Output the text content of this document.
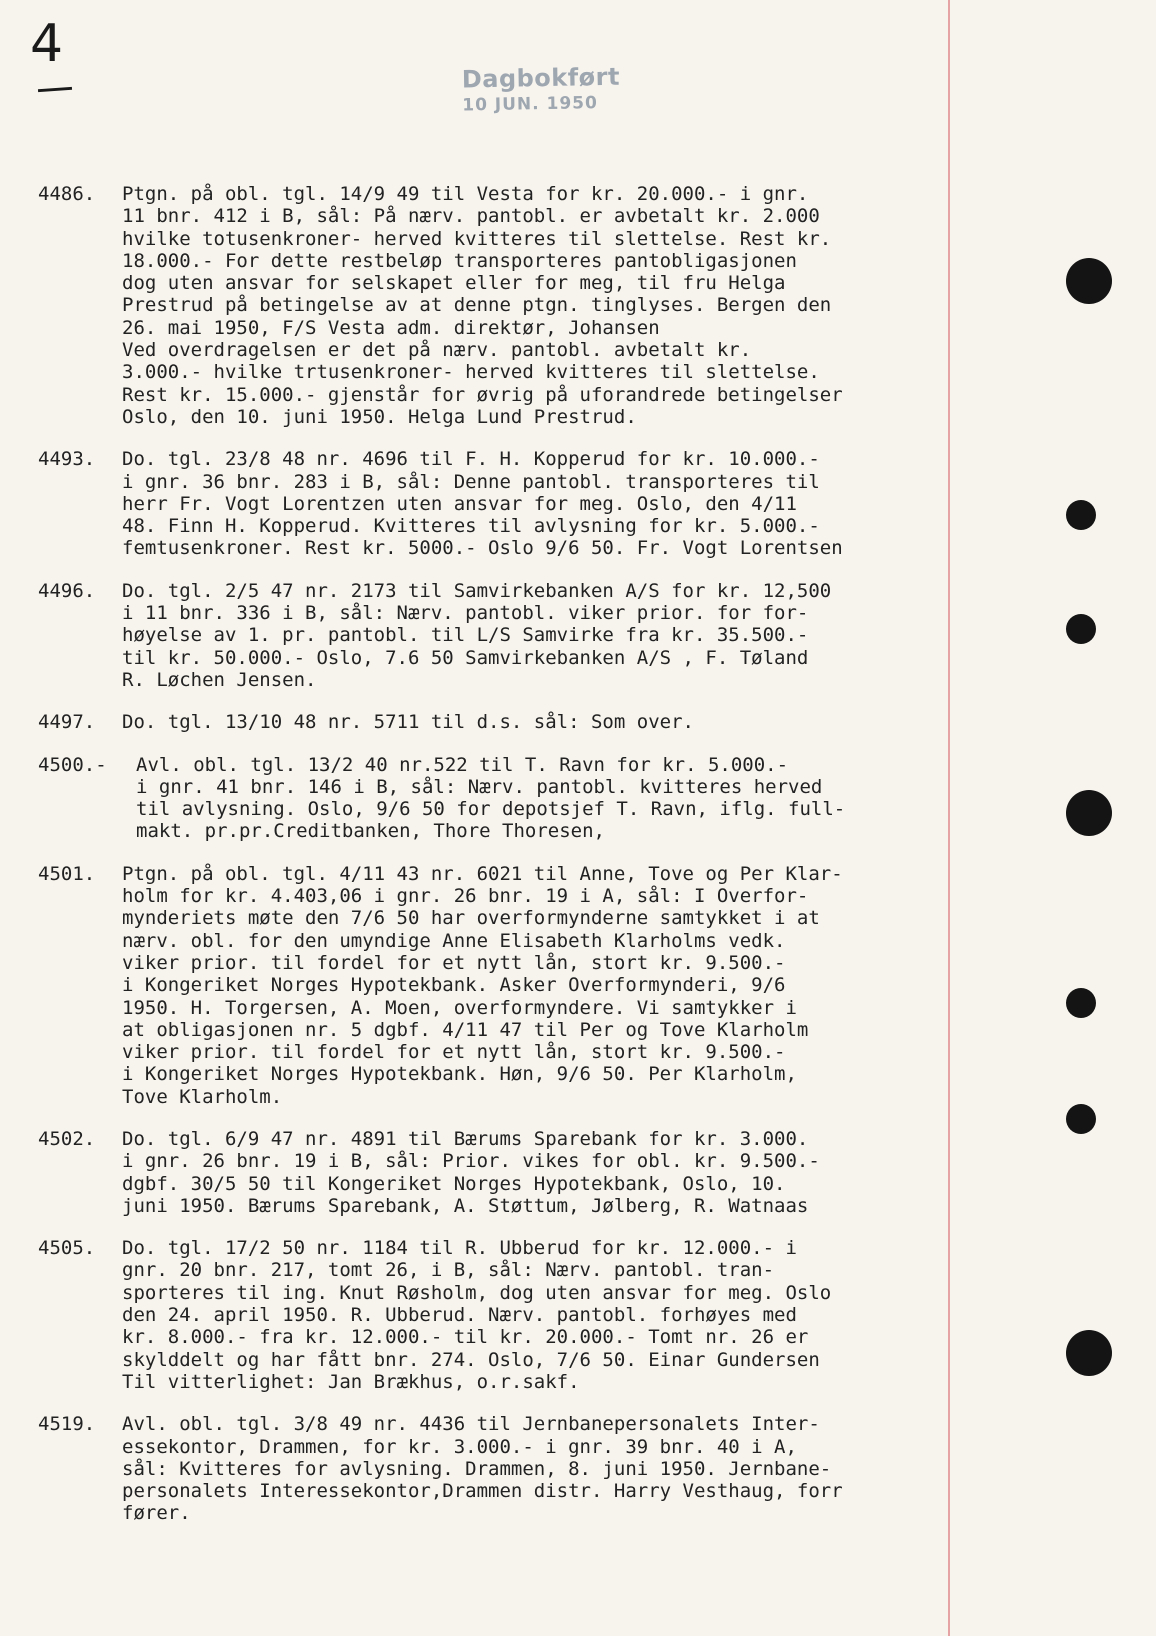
4
Dagbokført
10 JUN. 1950
4486.	Ptgn. på obl. tgl. 14/9 49 til Vesta for kr. 20.000.- i gnr.
11 bnr. 412 i B, sål: På nærv. pantobl. er avbetalt kr. 2.000
hvilke totusenkroner- herved kvitteres til slettelse. Rest kr.
18.000.- For dette restbeløp transporteres pantobligasjonen
dog uten ansvar for selskapet eller for meg, til fru Helga
Prestrud på betingelse av at denne ptgn. tinglyses. Bergen den
26. mai 1950, F/S Vesta adm. direktør, Johansen
Ved overdragelsen er det på nærv. pantobl. avbetalt kr.
3.000.- hvilke trtusenkroner- herved kvitteres til slettelse.
Rest kr. 15.000.- gjenstår for øvrig på uforandrede betingelser
Oslo, den 10. juni 1950. Helga Lund Prestrud.
4493.	Do. tgl. 23/8 48 nr. 4696 til F. H. Kopperud for kr. 10.000.-
i gnr. 36 bnr. 283 i B, sål: Denne pantobl. transporteres til
herr Fr. Vogt Lorentzen uten ansvar for meg. Oslo, den 4/11
48. Finn H. Kopperud. Kvitteres til avlysning for kr. 5.000.-
femtusenkroner. Rest kr. 5000.- Oslo 9/6 50. Fr. Vogt Lorentsen
4496.	Do. tgl. 2/5 47 nr. 2173 til Samvirkebanken A/S for kr. 12,500
i 11 bnr. 336 i B, sål: Nærv. pantobl. viker prior. for for-
høyelse av 1. pr. pantobl. til L/S Samvirke fra kr. 35.500.-
til kr. 50.000.- Oslo, 7.6 50 Samvirkebanken A/S , F. Tøland
R. Løchen Jensen.
4497.	Do. tgl. 13/10 48 nr. 5711 til d.s. sål: Som over.
4500.-	Avl. obl. tgl. 13/2 40 nr.522 til T. Ravn for kr. 5.000.-
i gnr. 41 bnr. 146 i B, sål: Nærv. pantobl. kvitteres herved
til avlysning. Oslo, 9/6 50 for depotsjef T. Ravn, iflg. full-
makt. pr.pr.Creditbanken, Thore Thoresen,
4501.	Ptgn. på obl. tgl. 4/11 43 nr. 6021 til Anne, Tove og Per Klar-
holm for kr. 4.403,06 i gnr. 26 bnr. 19 i A, sål: I Overfor-
mynderiets møte den 7/6 50 har overformynderne samtykket i at
nærv. obl. for den umyndige Anne Elisabeth Klarholms vedk.
viker prior. til fordel for et nytt lån, stort kr. 9.500.-
i Kongeriket Norges Hypotekbank. Asker Overformynderi, 9/6
1950. H. Torgersen, A. Moen, overformyndere. Vi samtykker i
at obligasjonen nr. 5 dgbf. 4/11 47 til Per og Tove Klarholm
viker prior. til fordel for et nytt lån, stort kr. 9.500.-
i Kongeriket Norges Hypotekbank. Høn, 9/6 50. Per Klarholm,
Tove Klarholm.
4502.	Do. tgl. 6/9 47 nr. 4891 til Bærums Sparebank for kr. 3.000.
i gnr. 26 bnr. 19 i B, sål: Prior. vikes for obl. kr. 9.500.-
dgbf. 30/5 50 til Kongeriket Norges Hypotekbank, Oslo, 10.
juni 1950. Bærums Sparebank, A. Støttum, Jølberg, R. Watnaas
4505.	Do. tgl. 17/2 50 nr. 1184 til R. Ubberud for kr. 12.000.- i
gnr. 20 bnr. 217, tomt 26, i B, sål: Nærv. pantobl. tran-
sporteres til ing. Knut Røsholm, dog uten ansvar for meg. Oslo
den 24. april 1950. R. Ubberud. Nærv. pantobl. forhøyes med
kr. 8.000.- fra kr. 12.000.- til kr. 20.000.- Tomt nr. 26 er
skylddelt og har fått bnr. 274. Oslo, 7/6 50. Einar Gundersen
Til vitterlighet: Jan Brækhus, o.r.sakf.
4519.	Avl. obl. tgl. 3/8 49 nr. 4436 til Jernbanepersonalets Inter-
essekontor, Drammen, for kr. 3.000.- i gnr. 39 bnr. 40 i A,
sål: Kvitteres for avlysning. Drammen, 8. juni 1950. Jernbane-
personalets Interessekontor,Drammen distr. Harry Vesthaug, forr
fører.
